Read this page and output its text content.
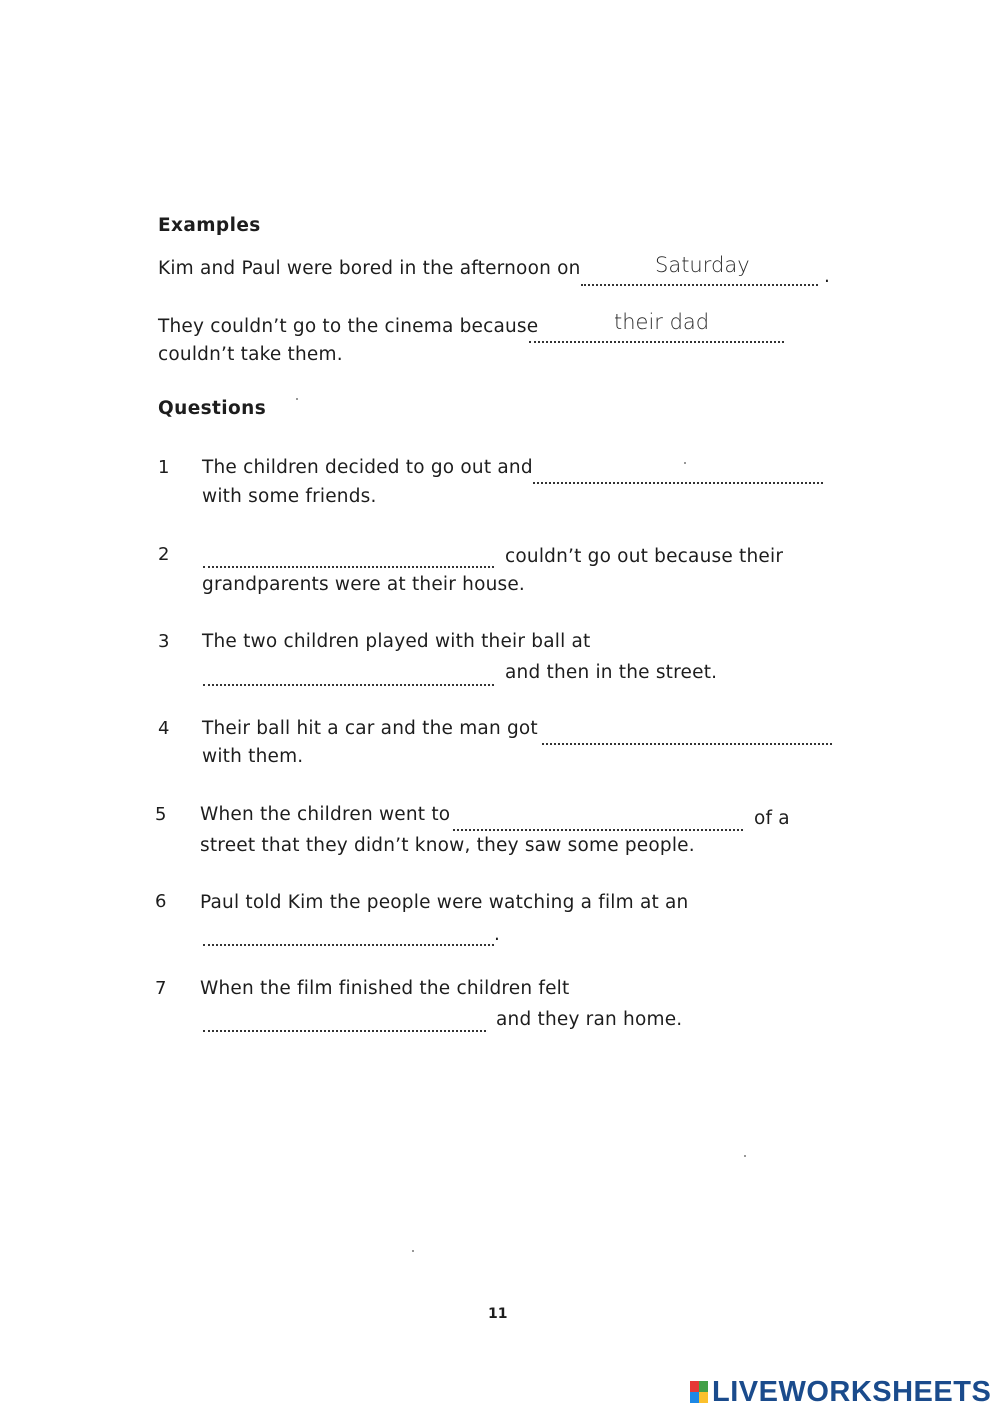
Examples
Kim and Paul were bored in the afternoon on	Saturday	.
They couldn’t go to the cinema because	their dad
couldn’t take them.
Questions
1 The children decided to go out and
with some friends.
2	couldn’t go out because their
grandparents were at their house.
3 The two children played with their ball at
and then in the street.
4 Their ball hit a car and the man got
with them.
5 When the children went to	of a
street that they didn’t know, they saw some people.
6 Paul told Kim the people were watching a film at an
.
7 When the film finished the children felt
and they ran home.
11
LIVEWORKSHEETS
